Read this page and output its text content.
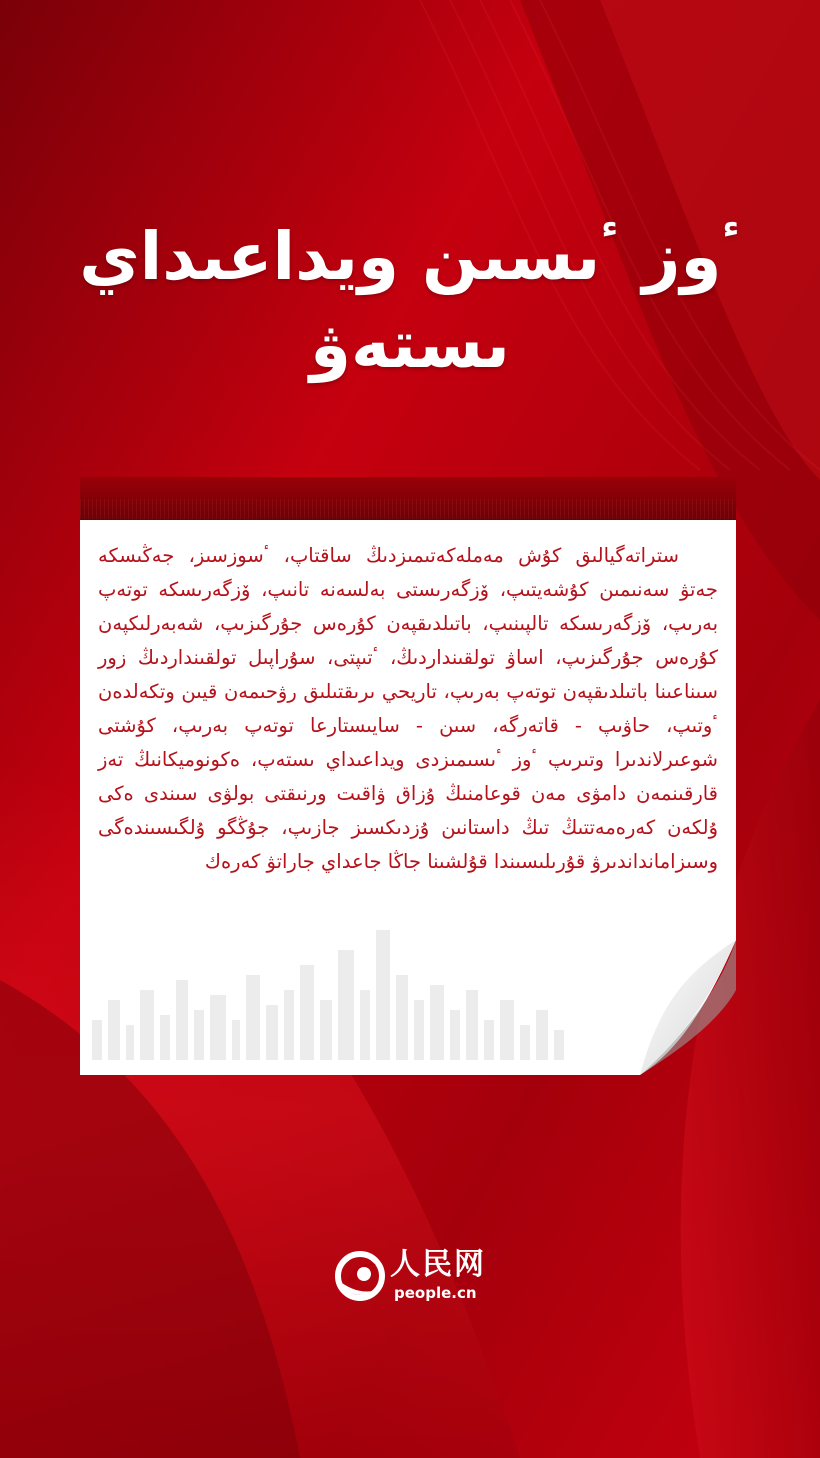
ٴوز ٴىسىن ويداعىداي
ىستەۋ

ستراتەگيالىق كۇش مەملەكەتىمىزدىڭ ساقتاپ، ٴسوزسىز، جەڭىسكە جەتۋ سەنىمىن كۇشەيتىپ، ۆزگەرىستى بەلسەنە تانىپ، ۆزگەرىسكە توتەپ بەرىپ، ۆزگەرىسكە تالپىنىپ، باتىلدىقپەن كۇرەس جۇرگىزىپ، شەبەرلىكپەن كۇرەس جۇرگىزىپ، اساۋ تولقىنداردىڭ، ٴتىپتى، سۇراپىل تولقىنداردىڭ زور سىناعىنا باتىلدىقپەن توتەپ بەرىپ، تاريحي ىرىقتىلىق رۋحىمەن قيىن وتكەلدەن ٴوتىپ، حاۋىپ - قاتەرگە، سىن - سايىستارعا توتەپ بەرىپ، كۇشتى شوعىرلاندىرا وتىرىپ ٴوز ٴىسىمىزدى ويداعىداي ىستەپ، ەكونوميكانىڭ تەز قارقىنمەن دامۋى مەن قوعامنىڭ ۇزاق ۋاقىت ورنىقتى بولۋى سىندى ەكى ۇلكەن كەرەمەتتىڭ تىڭ داستانىن ۇزدىكسىز جازىپ، جۇڭگو ۇلگىسىندەگى وسىزامانداندىرۋ قۇرىلىسىندا قۇلشىنا جاڭا جاعداي جاراتۋ كەرەك

人民网
people.cn
